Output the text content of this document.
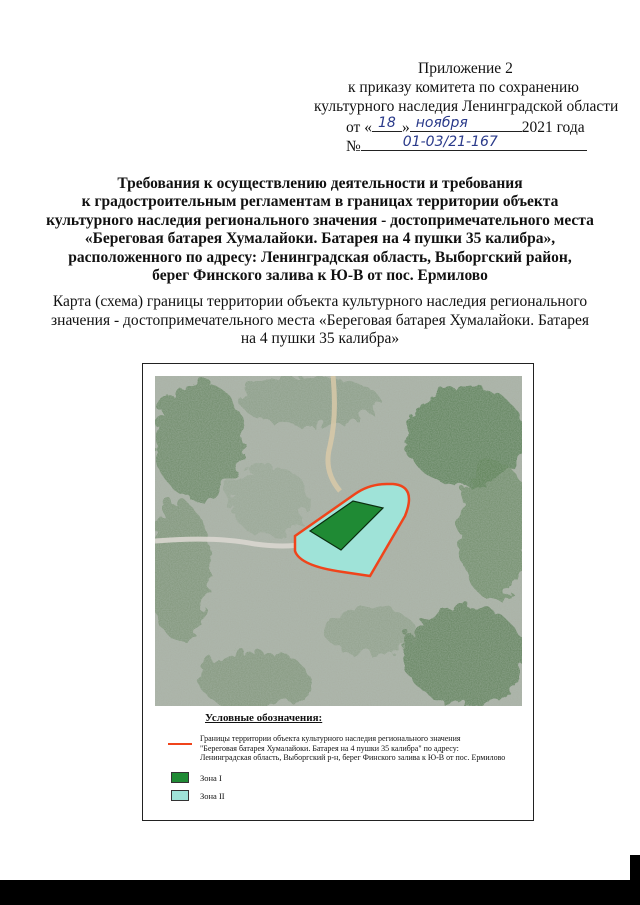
Приложение 2
к приказу комитета по сохранению
культурного наследия Ленинградской области
от « 18 » ноября	2021 года
№	01-03/21-167
Требования к осуществлению деятельности и требования
к градостроительным регламентам в границах территории объекта
культурного наследия регионального значения - достопримечательного места
«Береговая батарея Хумалайоки. Батарея на 4 пушки 35 калибра»,
расположенного по адресу: Ленинградская область, Выборгский район,
берег Финского залива к Ю-В от пос. Ермилово
Карта (схема) границы территории объекта культурного наследия регионального
значения - достопримечательного места «Береговая батарея Хумалайоки. Батарея
на 4 пушки 35 калибра»
Условные обозначения:
Границы территории объекта культурного наследия регионального значения
"Береговая батарея Хумалайоки. Батарея на 4 пушки 35 калибра" по адресу:
Ленинградская область, Выборгский р-н, берег Финского залива к Ю-В от пос. Ермилово
Зона I
Зона II
